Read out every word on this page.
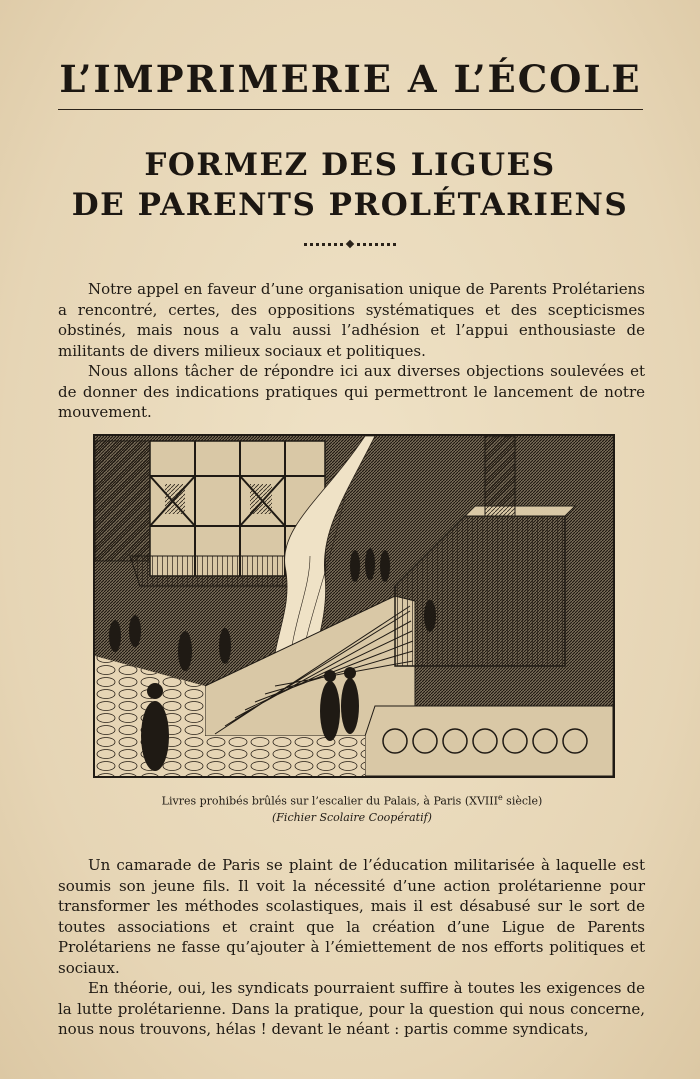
L’IMPRIMERIE A L’ÉCOLE
FORMEZ DES LIGUES
DE PARENTS PROLÉTARIENS

Notre appel en faveur d’une organisation unique de Parents Prolétariens a rencontré, certes, des oppositions systématiques et des scepticismes obstinés, mais nous a valu aussi l’adhésion et l’appui enthousiaste de militants de divers milieux sociaux et politiques.

Nous allons tâcher de répondre ici aux diverses objections soulevées et de donner des indications pratiques qui permettront le lancement de notre mouvement.

Livres prohibés brûlés sur l’escalier du Palais, à Paris (XVIIIe siècle)
(Fichier Scolaire Coopératif)

Un camarade de Paris se plaint de l’éducation militarisée à laquelle est soumis son jeune fils. Il voit la nécessité d’une action prolétarienne pour transformer les méthodes scolastiques, mais il est désabusé sur le sort de toutes associations et craint que la création d’une Ligue de Parents Prolétariens ne fasse qu’ajouter à l’émiettement de nos efforts politiques et sociaux.

En théorie, oui, les syndicats pourraient suffire à toutes les exigences de la lutte prolétarienne. Dans la pratique, pour la question qui nous concerne, nous nous trouvons, hélas ! devant le néant : partis comme syndicats,
